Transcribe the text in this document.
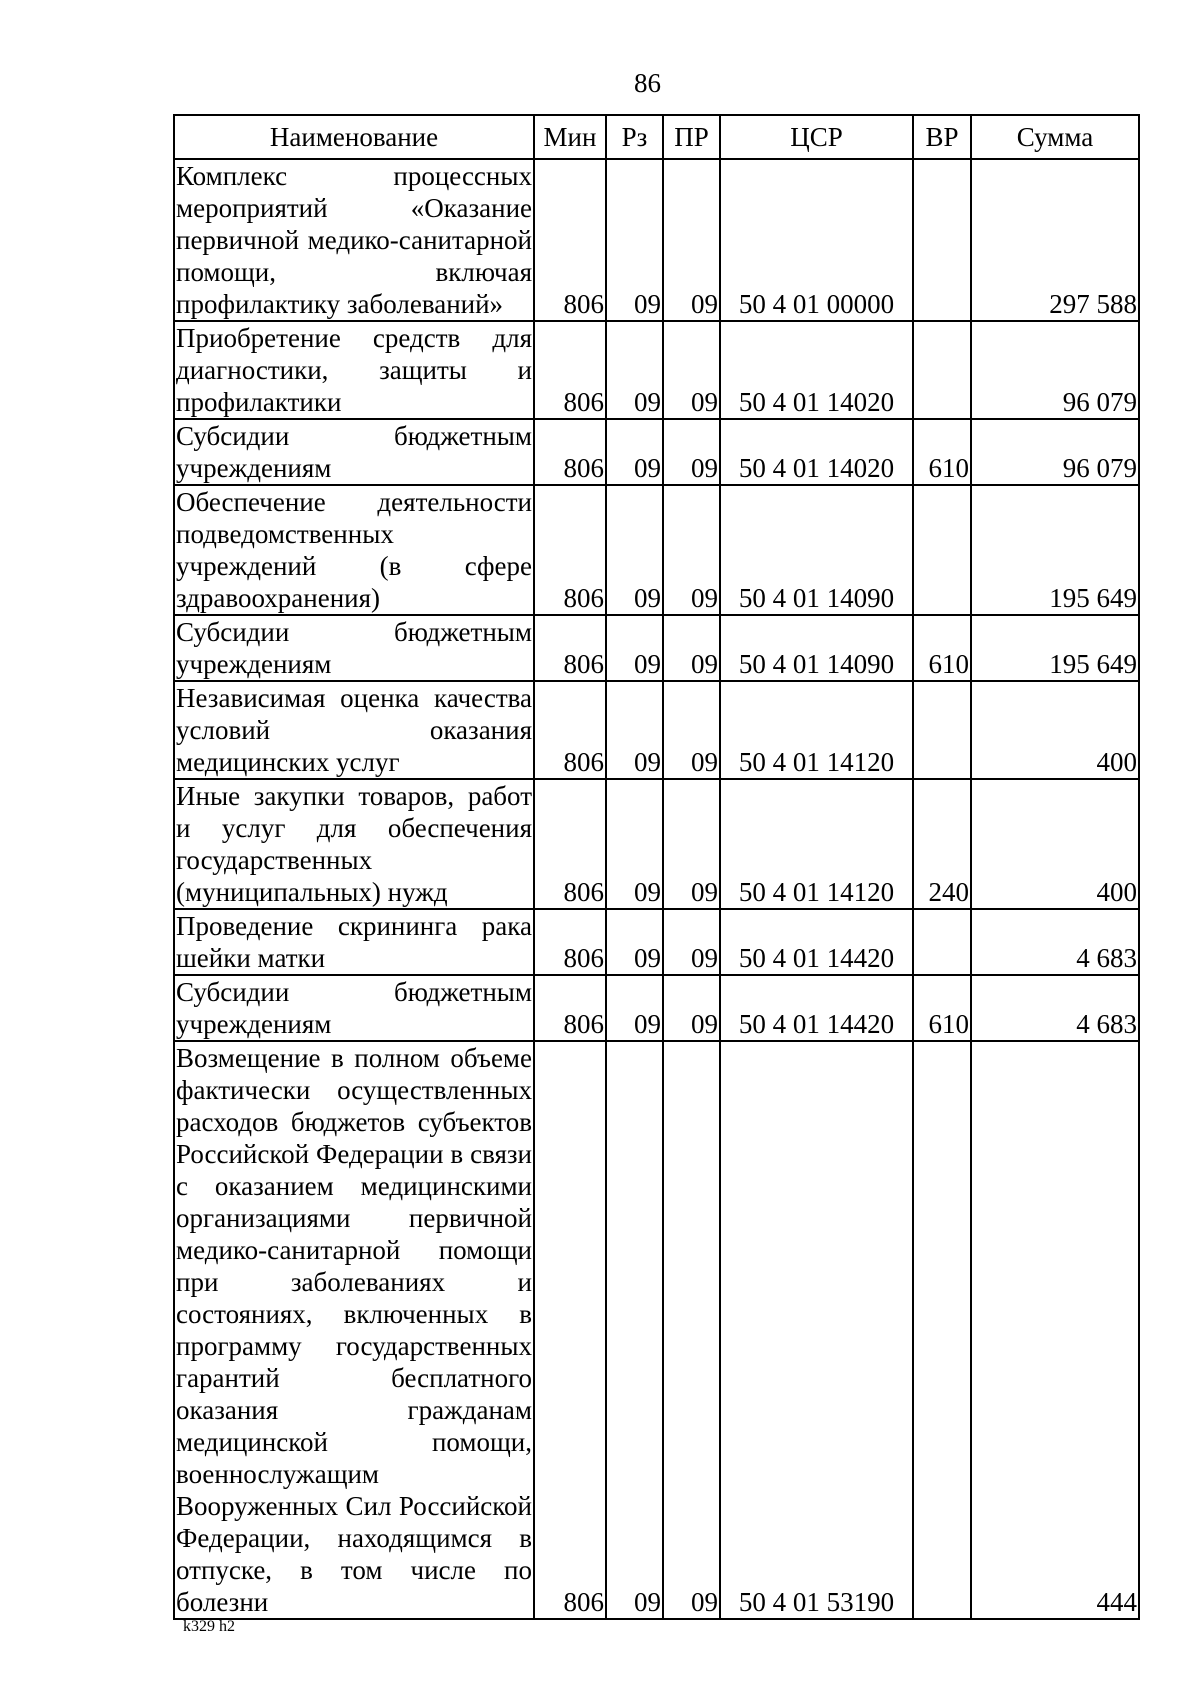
86
Наименование	Мин	Рз	ПР	ЦСР	ВР	Сумма
Комплекс процессных мероприятий «Оказание первичной медико-санитарной помощи, включая профилактику заболеваний»	806	09	09	50 4 01 00000		297 588
Приобретение средств для диагностики, защиты и профилактики	806	09	09	50 4 01 14020		96 079
Субсидии бюджетным учреждениям	806	09	09	50 4 01 14020	610	96 079
Обеспечение деятельности подведомственных учреждений (в сфере здравоохранения)	806	09	09	50 4 01 14090		195 649
Субсидии бюджетным учреждениям	806	09	09	50 4 01 14090	610	195 649
Независимая оценка качества условий оказания медицинских услуг	806	09	09	50 4 01 14120		400
Иные закупки товаров, работ и услуг для обеспечения государственных (муниципальных) нужд	806	09	09	50 4 01 14120	240	400
Проведение скрининга рака шейки матки	806	09	09	50 4 01 14420		4 683
Субсидии бюджетным учреждениям	806	09	09	50 4 01 14420	610	4 683
Возмещение в полном объеме фактически осуществленных расходов бюджетов субъектов Российской Федерации в связи с оказанием медицинскими организациями первичной медико-санитарной помощи при заболеваниях и состояниях, включенных в программу государственных гарантий бесплатного оказания гражданам медицинской помощи, военнослужащим Вооруженных Сил Российской Федерации, находящимся в отпуске, в том числе по болезни	806	09	09	50 4 01 53190		444
k329 h2
